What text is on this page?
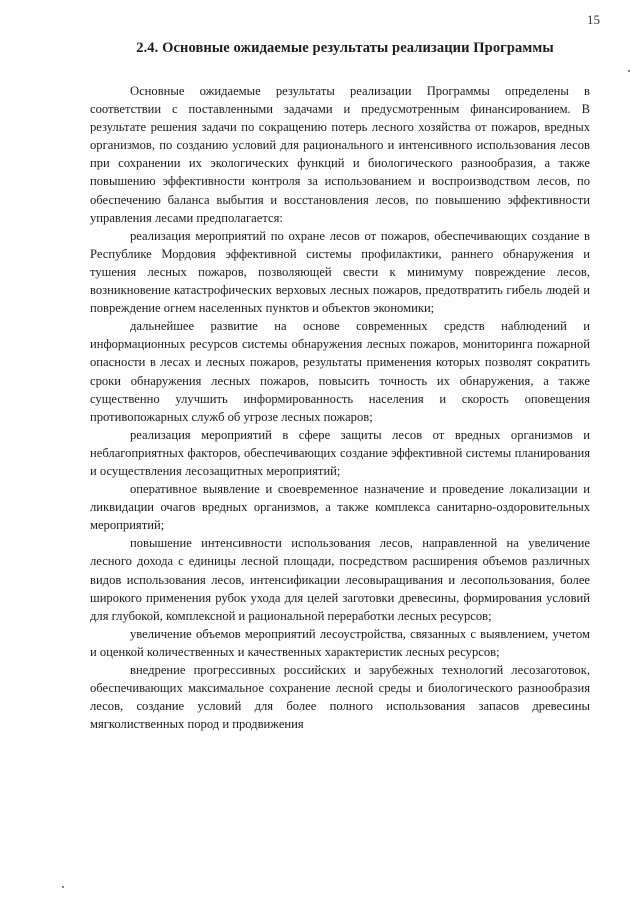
15
2.4. Основные ожидаемые результаты реализации Программы

Основные ожидаемые результаты реализации Программы определены в соответствии с поставленными задачами и предусмотренным финансированием. В результате решения задачи по сокращению потерь лесного хозяйства от пожаров, вредных организмов, по созданию условий для рационального и интенсивного использования лесов при сохранении их экологических функций и биологического разнообразия, а также повышению эффективности контроля за использованием и воспроизводством лесов, по обеспечению баланса выбытия и восстановления лесов, по повышению эффективности управления лесами предполагается:

реализация мероприятий по охране лесов от пожаров, обеспечивающих создание в Республике Мордовия эффективной системы профилактики, раннего обнаружения и тушения лесных пожаров, позволяющей свести к минимуму повреждение лесов, возникновение катастрофических верховых лесных пожаров, предотвратить гибель людей и повреждение огнем населенных пунктов и объектов экономики;

дальнейшее развитие на основе современных средств наблюдений и информационных ресурсов системы обнаружения лесных пожаров, мониторинга пожарной опасности в лесах и лесных пожаров, результаты применения которых позволят сократить сроки обнаружения лесных пожаров, повысить точность их обнаружения, а также существенно улучшить информированность населения и скорость оповещения противопожарных служб об угрозе лесных пожаров;

реализация мероприятий в сфере защиты лесов от вредных организмов и неблагоприятных факторов, обеспечивающих создание эффективной системы планирования и осуществления лесозащитных мероприятий;

оперативное выявление и своевременное назначение и проведение локализации и ликвидации очагов вредных организмов, а также комплекса санитарно-оздоровительных мероприятий;

повышение интенсивности использования лесов, направленной на увеличение лесного дохода с единицы лесной площади, посредством расширения объемов различных видов использования лесов, интенсификации лесовыращивания и лесопользования, более широкого применения рубок ухода для целей заготовки древесины, формирования условий для глубокой, комплексной и рациональной переработки лесных ресурсов;

увеличение объемов мероприятий лесоустройства, связанных с выявлением, учетом и оценкой количественных и качественных характеристик лесных ресурсов;

внедрение прогрессивных российских и зарубежных технологий лесозаготовок, обеспечивающих максимальное сохранение лесной среды и биологического разнообразия лесов, создание условий для более полного использования запасов древесины мягколиственных пород и продвижения
